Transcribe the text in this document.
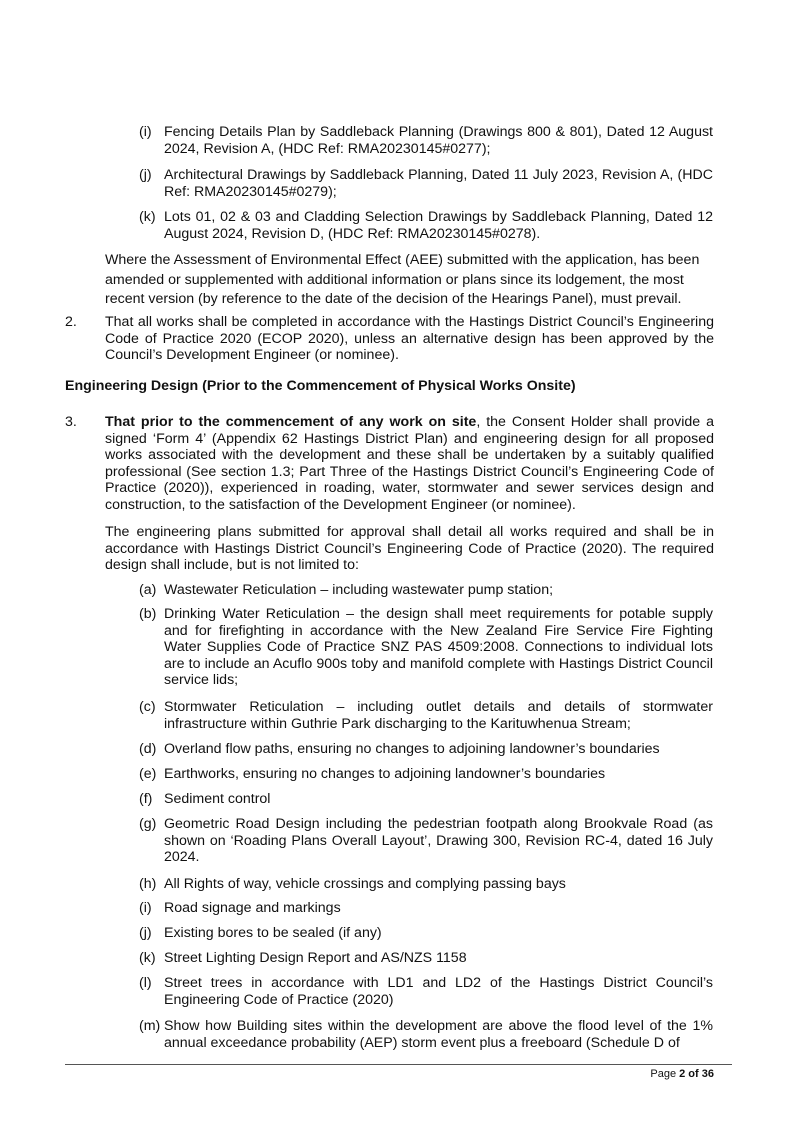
(i) Fencing Details Plan by Saddleback Planning (Drawings 800 & 801), Dated 12 August 2024, Revision A, (HDC Ref: RMA20230145#0277);
(j) Architectural Drawings by Saddleback Planning, Dated 11 July 2023, Revision A, (HDC Ref: RMA20230145#0279);
(k) Lots 01, 02 & 03 and Cladding Selection Drawings by Saddleback Planning, Dated 12 August 2024, Revision D, (HDC Ref: RMA20230145#0278).
Where the Assessment of Environmental Effect (AEE) submitted with the application, has been amended or supplemented with additional information or plans since its lodgement, the most recent version (by reference to the date of the decision of the Hearings Panel), must prevail.
2. That all works shall be completed in accordance with the Hastings District Council’s Engineering Code of Practice 2020 (ECOP 2020), unless an alternative design has been approved by the Council’s Development Engineer (or nominee).
Engineering Design (Prior to the Commencement of Physical Works Onsite)
3. That prior to the commencement of any work on site, the Consent Holder shall provide a signed ‘Form 4’ (Appendix 62 Hastings District Plan) and engineering design for all proposed works associated with the development and these shall be undertaken by a suitably qualified professional (See section 1.3; Part Three of the Hastings District Council’s Engineering Code of Practice (2020)), experienced in roading, water, stormwater and sewer services design and construction, to the satisfaction of the Development Engineer (or nominee).
The engineering plans submitted for approval shall detail all works required and shall be in accordance with Hastings District Council’s Engineering Code of Practice (2020). The required design shall include, but is not limited to:
(a) Wastewater Reticulation – including wastewater pump station;
(b) Drinking Water Reticulation – the design shall meet requirements for potable supply and for firefighting in accordance with the New Zealand Fire Service Fire Fighting Water Supplies Code of Practice SNZ PAS 4509:2008. Connections to individual lots are to include an Acuflo 900s toby and manifold complete with Hastings District Council service lids;
(c) Stormwater Reticulation – including outlet details and details of stormwater infrastructure within Guthrie Park discharging to the Karituwhenua Stream;
(d) Overland flow paths, ensuring no changes to adjoining landowner’s boundaries
(e) Earthworks, ensuring no changes to adjoining landowner’s boundaries
(f) Sediment control
(g) Geometric Road Design including the pedestrian footpath along Brookvale Road (as shown on ‘Roading Plans Overall Layout’, Drawing 300, Revision RC-4, dated 16 July 2024.
(h) All Rights of way, vehicle crossings and complying passing bays
(i) Road signage and markings
(j) Existing bores to be sealed (if any)
(k) Street Lighting Design Report and AS/NZS 1158
(l) Street trees in accordance with LD1 and LD2 of the Hastings District Council’s Engineering Code of Practice (2020)
(m) Show how Building sites within the development are above the flood level of the 1% annual exceedance probability (AEP) storm event plus a freeboard (Schedule D of
Page 2 of 36
